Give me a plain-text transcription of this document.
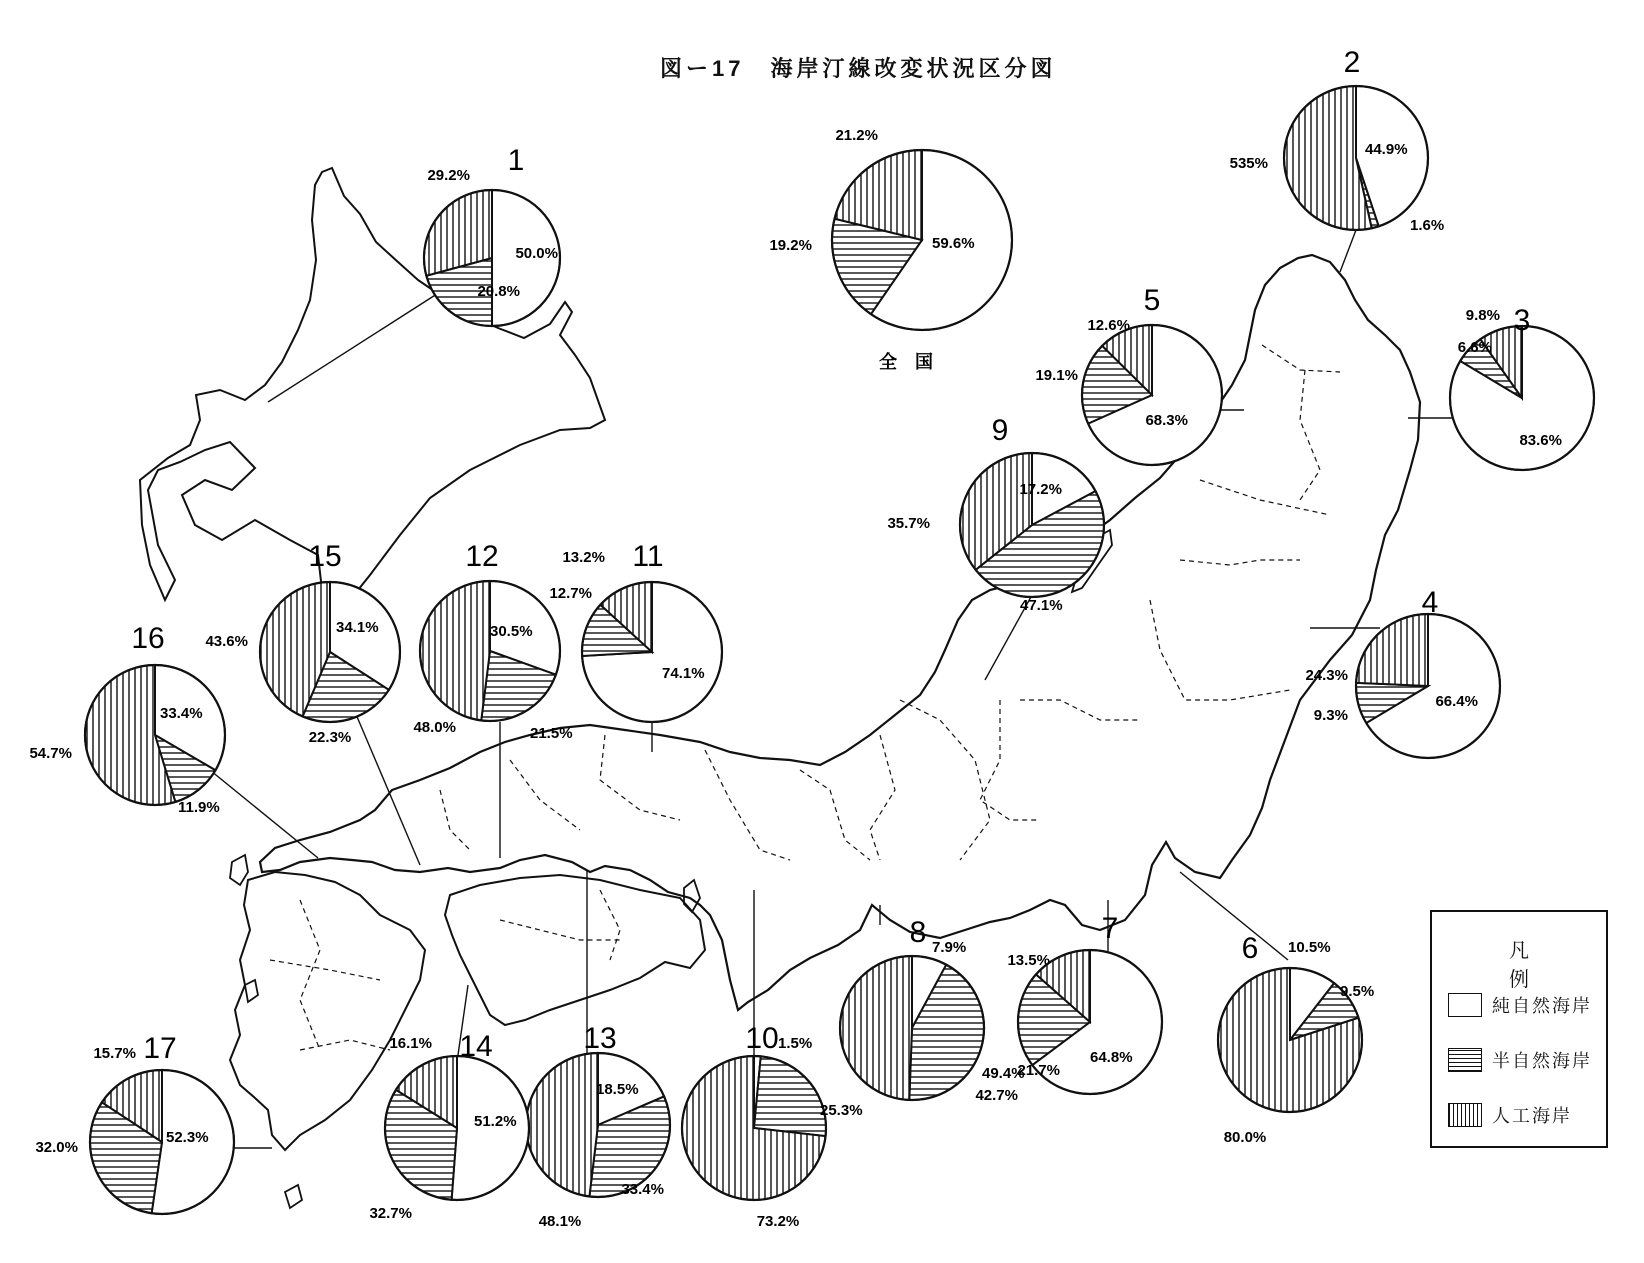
1
50.0%
20.8%
29.2%
2
44.9%
1.6%
535%
3
83.6%
6.6%
9.8%
4
66.4%
9.3%
24.3%
5
68.3%
19.1%
12.6%
6 10.5%
9.5%
80.0%
7
64.8%
21.7%
13.5%
8 7.9%
42.7%
49.4%
9
17.2%
47.1%
35.7%
10 1.5%
25.3%
73.2%
11
74.1%
12.7%
13.2%
12
30.5%
21.5%
48.0%
13
18.5%
33.4%
48.1%
14
51.2%
32.7%
16.1%
15
34.1%
22.3%
43.6%
16
33.4%
11.9%
54.7%
17
52.3%
32.0%
15.7%
59.6%
19.2%
21.2%
全　国
図ー17　海岸汀線改変状況区分図
凡　例
純自然海岸
半自然海岸
人工海岸
